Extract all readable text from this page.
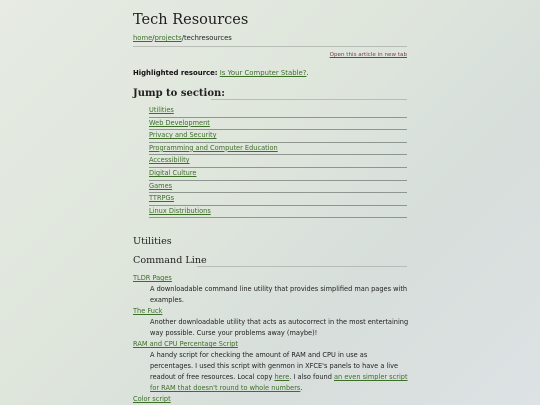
Tech Resources
home/projects/techresources
Open this article in new tab
Highlighted resource: Is Your Computer Stable?.
Jump to section:
Utilities
Web Development
Privacy and Security
Programming and Computer Education
Accessibility
Digital Culture
Games
TTRPGs
Linux Distributions
Utilities
Command Line
TLDR Pages
A downloadable command line utility that provides simplified man pages with examples.
The Fuck
Another downloadable utility that acts as autocorrect in the most entertaining way possible. Curse your problems away (maybe)!
RAM and CPU Percentage Script
A handy script for checking the amount of RAM and CPU in use as percentages. I used this script with genmon in XFCE's panels to have a live readout of free resources. Local copy here. I also found an even simpler script for RAM that doesn't round to whole numbers.
Color script
